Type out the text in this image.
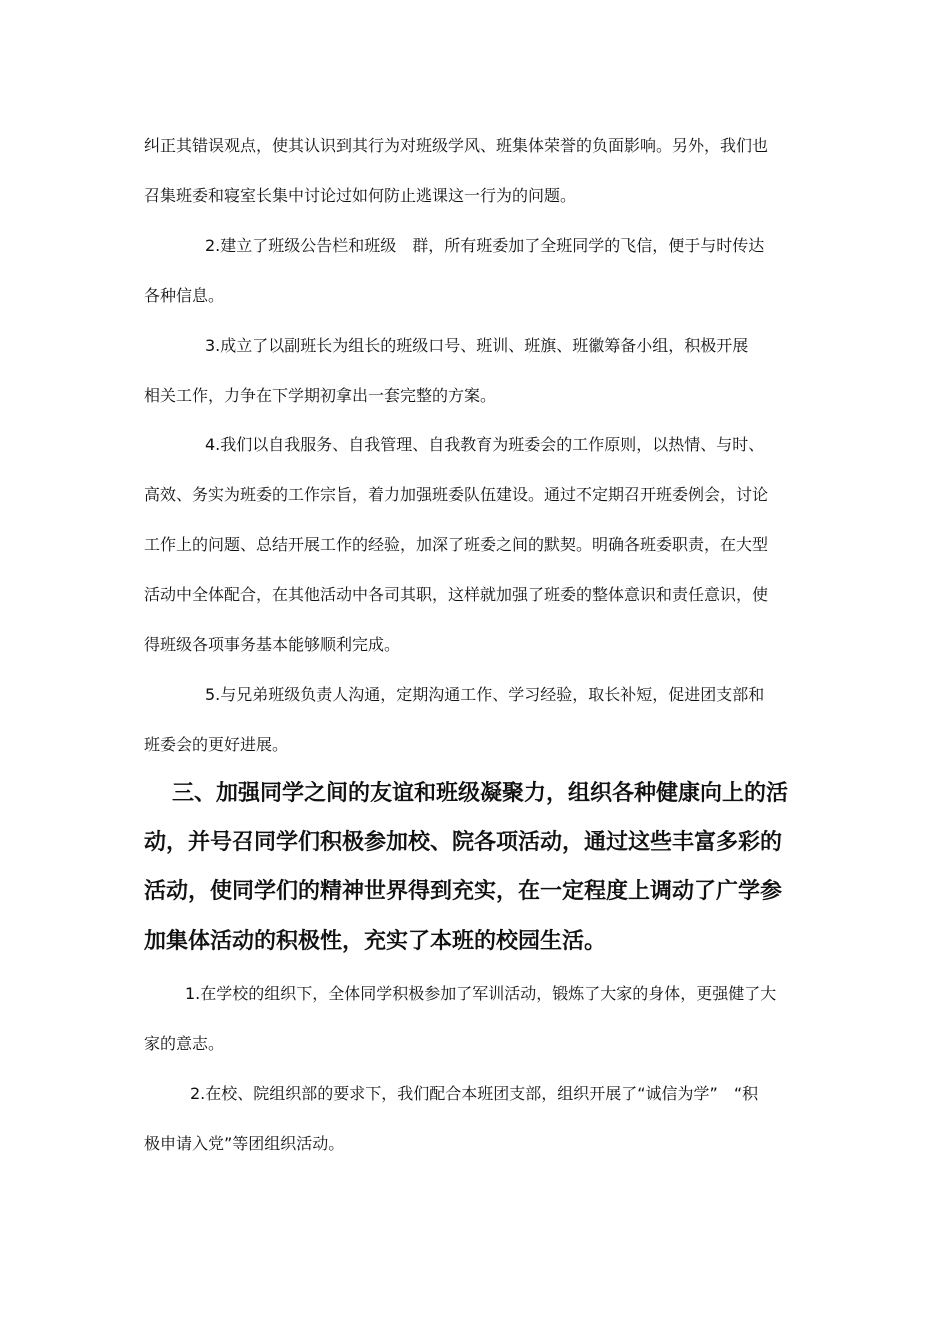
纠正其错误观点，使其认识到其行为对班级学风、班集体荣誉的负面影响。另外，我们也
召集班委和寝室长集中讨论过如何防止逃课这一行为的问题。
2.建立了班级公告栏和班级　群，所有班委加了全班同学的飞信，便于与时传达
各种信息。
3.成立了以副班长为组长的班级口号、班训、班旗、班徽筹备小组，积极开展
相关工作，力争在下学期初拿出一套完整的方案。
4.我们以自我服务、自我管理、自我教育为班委会的工作原则，以热情、与时、
高效、务实为班委的工作宗旨，着力加强班委队伍建设。通过不定期召开班委例会，讨论
工作上的问题、总结开展工作的经验，加深了班委之间的默契。明确各班委职责，在大型
活动中全体配合，在其他活动中各司其职，这样就加强了班委的整体意识和责任意识，使
得班级各项事务基本能够顺利完成。
5.与兄弟班级负责人沟通，定期沟通工作、学习经验，取长补短，促进团支部和
班委会的更好进展。
三、加强同学之间的友谊和班级凝聚力，组织各种健康向上的活
动，并号召同学们积极参加校、院各项活动，通过这些丰富多彩的
活动，使同学们的精神世界得到充实，在一定程度上调动了广学参
加集体活动的积极性，充实了本班的校园生活。
1.在学校的组织下，全体同学积极参加了军训活动，锻炼了大家的身体，更强健了大
家的意志。
2.在校、院组织部的要求下，我们配合本班团支部，组织开展了“诚信为学”　“积
极申请入党”等团组织活动。
